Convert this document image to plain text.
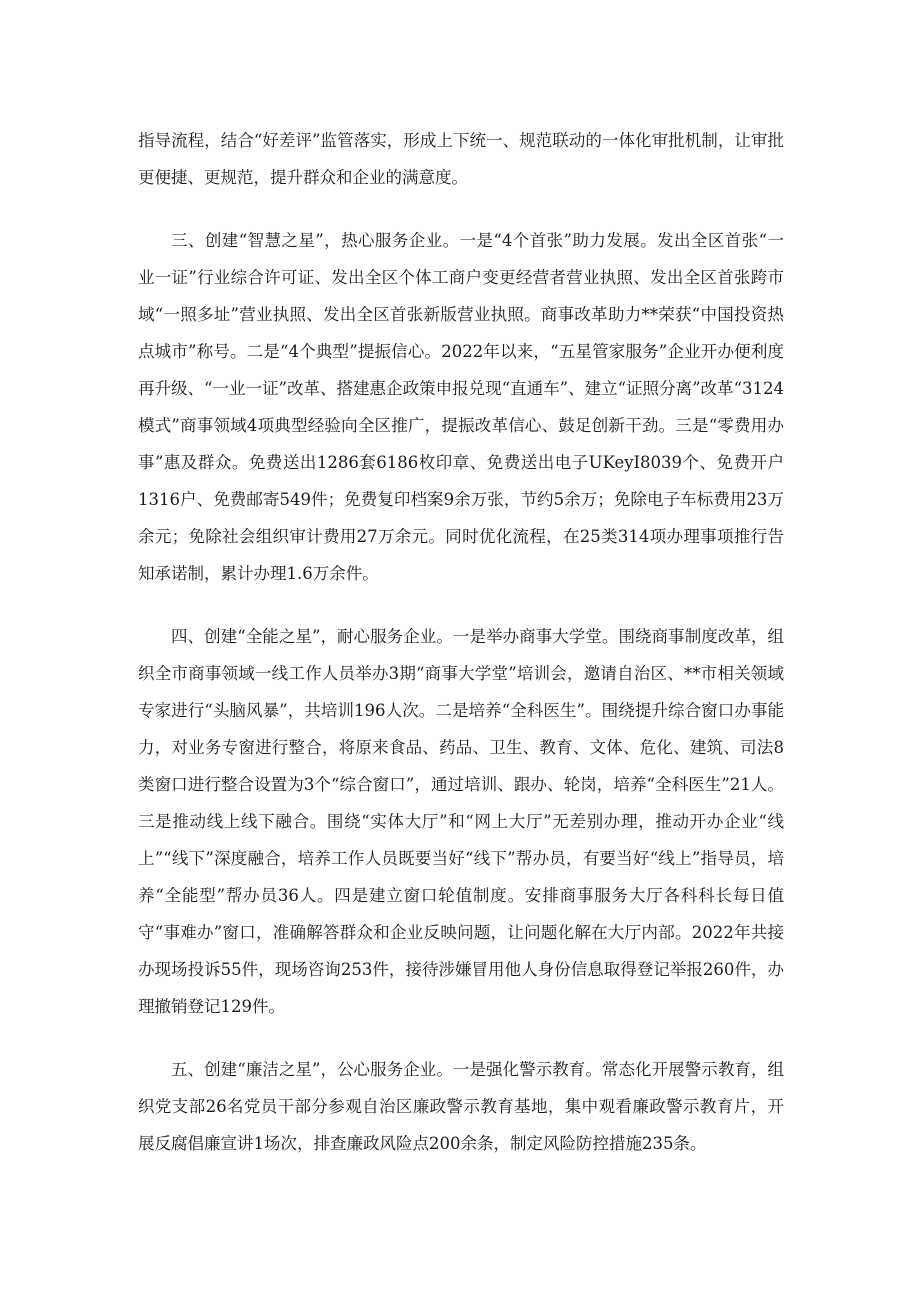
指导流程，结合“好差评”监管落实，形成上下统一、规范联动的一体化审批机制，让审批更便捷、更规范，提升群众和企业的满意度。

三、创建“智慧之星”，热心服务企业。一是“4个首张”助力发展。发出全区首张“一业一证”行业综合许可证、发出全区个体工商户变更经营者营业执照、发出全区首张跨市域“一照多址”营业执照、发出全区首张新版营业执照。商事改革助力**荣获“中国投资热点城市”称号。二是“4个典型”提振信心。2022年以来，“五星管家服务”企业开办便利度再升级、“一业一证”改革、搭建惠企政策申报兑现“直通车”、建立“证照分离”改革“3124模式”商事领域4项典型经验向全区推广，提振改革信心、鼓足创新干劲。三是“零费用办事”惠及群众。免费送出1286套6186枚印章、免费送出电子UKeyI8039个、免费开户1316户、免费邮寄549件；免费复印档案9余万张，节约5余万；免除电子车标费用23万余元；免除社会组织审计费用27万余元。同时优化流程，在25类314项办理事项推行告知承诺制，累计办理1.6万余件。

四、创建“全能之星”，耐心服务企业。一是举办商事大学堂。围绕商事制度改革，组织全市商事领域一线工作人员举办3期“商事大学堂”培训会，邀请自治区、**市相关领域专家进行“头脑风暴”，共培训196人次。二是培养“全科医生”。围绕提升综合窗口办事能力，对业务专窗进行整合，将原来食品、药品、卫生、教育、文体、危化、建筑、司法8类窗口进行整合设置为3个“综合窗口”，通过培训、跟办、轮岗，培养“全科医生”21人。三是推动线上线下融合。围绕“实体大厅”和“网上大厅”无差别办理，推动开办企业“线上”“线下”深度融合，培养工作人员既要当好“线下”帮办员，有要当好“线上”指导员，培养“全能型”帮办员36人。四是建立窗口轮值制度。安排商事服务大厅各科科长每日值守“事难办”窗口，准确解答群众和企业反映问题，让问题化解在大厅内部。2022年共接办现场投诉55件，现场咨询253件，接待涉嫌冒用他人身份信息取得登记举报260件，办理撤销登记129件。

五、创建“廉洁之星”，公心服务企业。一是强化警示教育。常态化开展警示教育，组织党支部26名党员干部分参观自治区廉政警示教育基地，集中观看廉政警示教育片，开展反腐倡廉宣讲1场次，排查廉政风险点200余条，制定风险防控措施235条。
